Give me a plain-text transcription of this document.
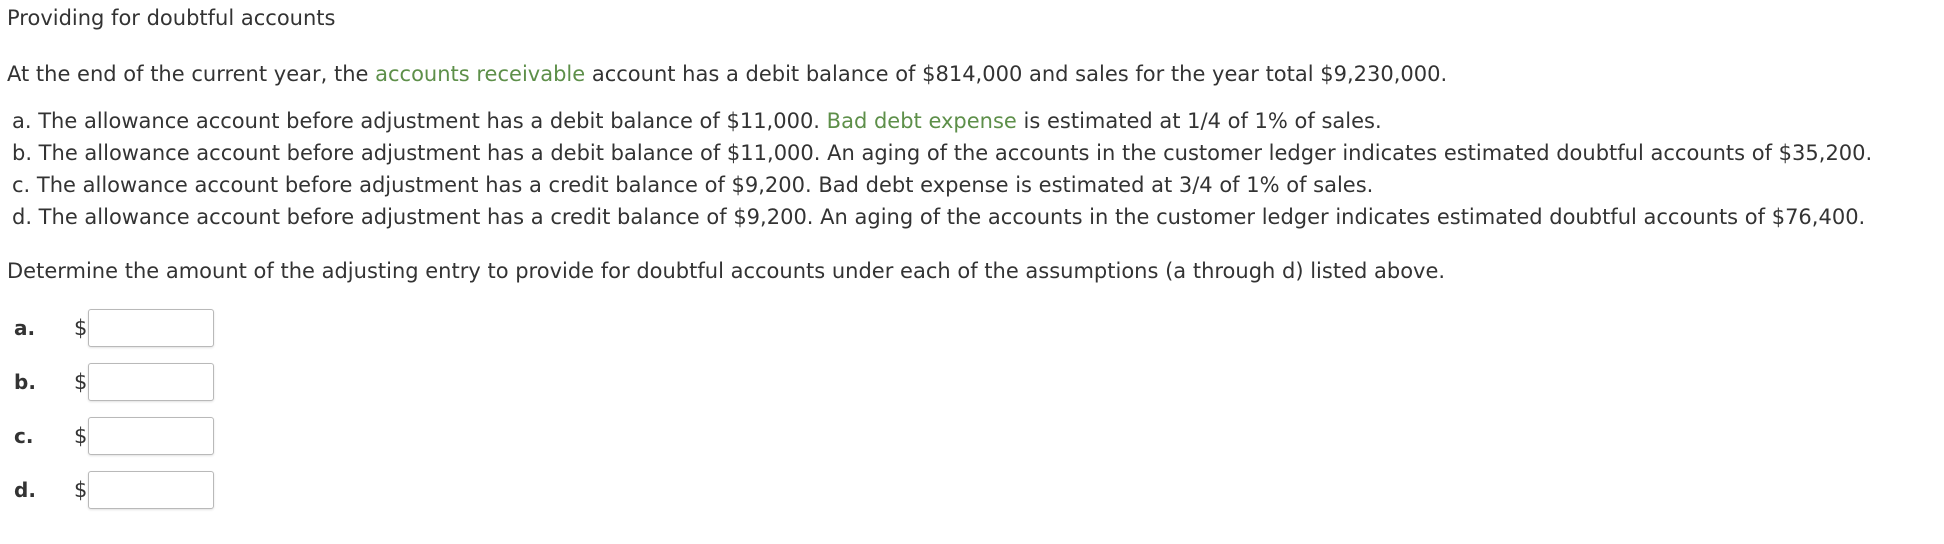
Providing for doubtful accounts
At the end of the current year, the accounts receivable account has a debit balance of $814,000 and sales for the year total $9,230,000.
a. The allowance account before adjustment has a debit balance of $11,000. Bad debt expense is estimated at 1/4 of 1% of sales.
b. The allowance account before adjustment has a debit balance of $11,000. An aging of the accounts in the customer ledger indicates estimated doubtful accounts of $35,200.
c. The allowance account before adjustment has a credit balance of $9,200. Bad debt expense is estimated at 3/4 of 1% of sales.
d. The allowance account before adjustment has a credit balance of $9,200. An aging of the accounts in the customer ledger indicates estimated doubtful accounts of $76,400.
Determine the amount of the adjusting entry to provide for doubtful accounts under each of the assumptions (a through d) listed above.
a.	$
b.	$
c.	$
d.	$
